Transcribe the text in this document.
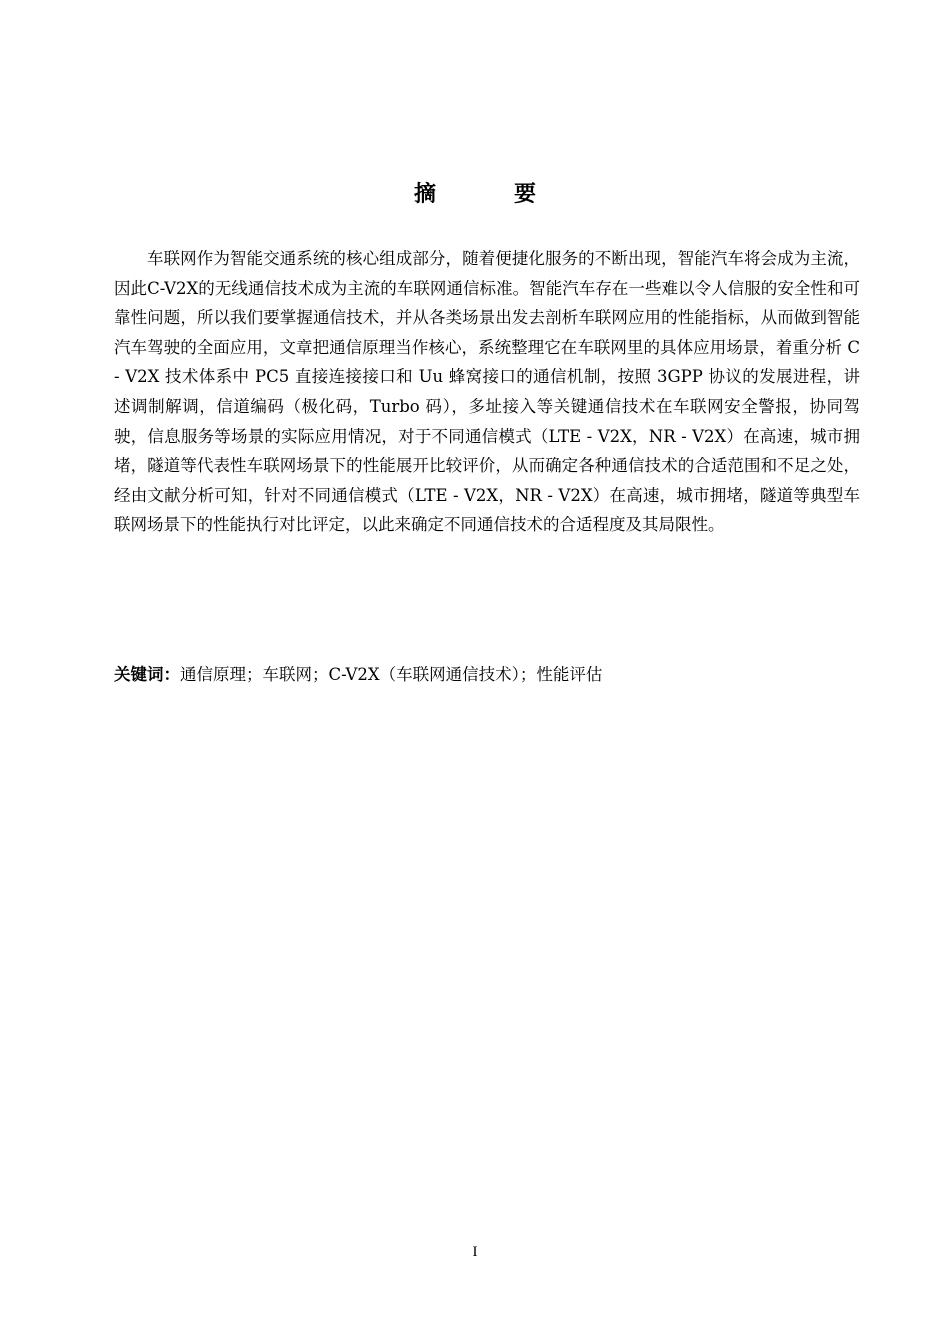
摘 要

车联网作为智能交通系统的核心组成部分，随着便捷化服务的不断出现，智能汽车将会成为主流，因此C-V2X的无线通信技术成为主流的车联网通信标准。智能汽车存在一些难以令人信服的安全性和可靠性问题，所以我们要掌握通信技术，并从各类场景出发去剖析车联网应用的性能指标，从而做到智能汽车驾驶的全面应用，文章把通信原理当作核心，系统整理它在车联网里的具体应用场景，着重分析 C - V2X 技术体系中 PC5 直接连接接口和 Uu 蜂窝接口的通信机制，按照 3GPP 协议的发展进程，讲述调制解调，信道编码（极化码，Turbo 码），多址接入等关键通信技术在车联网安全警报，协同驾驶，信息服务等场景的实际应用情况，对于不同通信模式（LTE - V2X，NR - V2X）在高速，城市拥堵，隧道等代表性车联网场景下的性能展开比较评价，从而确定各种通信技术的合适范围和不足之处，经由文献分析可知，针对不同通信模式（LTE - V2X，NR - V2X）在高速，城市拥堵，隧道等典型车联网场景下的性能执行对比评定，以此来确定不同通信技术的合适程度及其局限性。

关键词：通信原理；车联网；C-V2X（车联网通信技术）；性能评估

I
